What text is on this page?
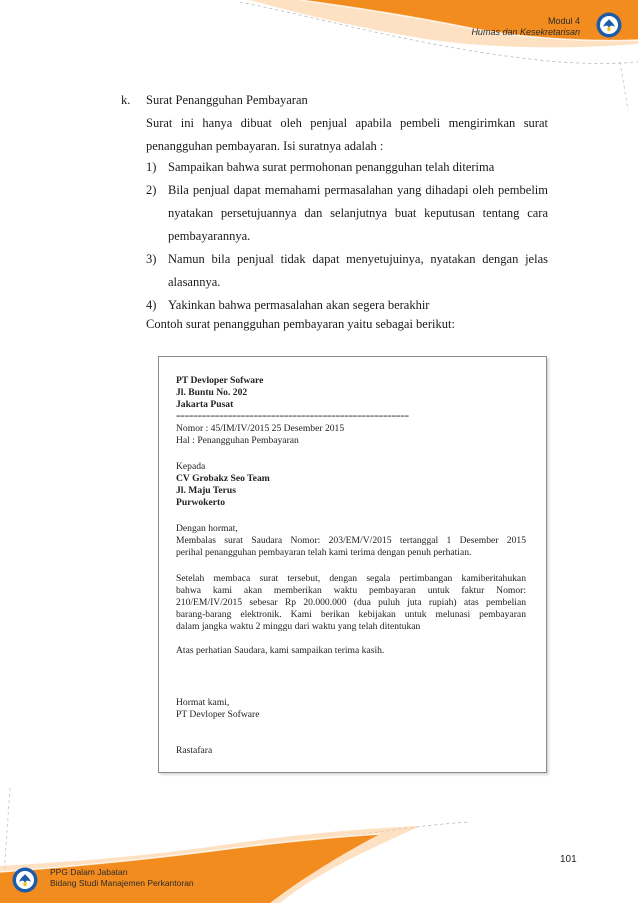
Modul 4
Humas dan Kesekretarisan
k. Surat Penangguhan Pembayaran
Surat ini hanya dibuat oleh penjual apabila pembeli mengirimkan surat
penangguhan pembayaran. Isi suratnya adalah :
1) Sampaikan bahwa surat permohonan penangguhan telah diterima
2) Bila penjual dapat memahami permasalahan yang dihadapi oleh pembelim
nyatakan persetujuannya dan selanjutnya buat keputusan tentang cara
pembayarannya.
3) Namun bila penjual tidak dapat menyetujuinya, nyatakan dengan jelas
alasannya.
4) Yakinkan bahwa permasalahan akan segera berakhir
Contoh surat penangguhan pembayaran yaitu sebagai berikut:
PT Devloper Sofware
Jl. Buntu No. 202
Jakarta Pusat
======================================================
Nomor : 45/IM/IV/2015 25 Desember 2015
Hal : Penangguhan Pembayaran
Kepada
CV Grobakz Seo Team
Jl. Maju Terus
Purwokerto
Dengan hormat,
Membalas surat Saudara Nomor: 203/EM/V/2015 tertanggal 1 Desember 2015
perihal penangguhan pembayaran telah kami terima dengan penuh perhatian.
Setelah membaca surat tersebut, dengan segala pertimbangan kamiberitahukan
bahwa kami akan memberikan waktu pembayaran untuk faktur Nomor:
210/EM/IV/2015 sebesar Rp 20.000.000 (dua puluh juta rupiah) atas pembelian
barang-barang elektronik. Kami berikan kebijakan untuk melunasi pembayaran
dalam jangka waktu 2 minggu dari waktu yang telah ditentukan
Atas perhatian Saudara, kami sampaikan terima kasih.
Hormat kami,
PT Devloper Sofware
Rastafara
PPG Dalam Jabatan
Bidang Studi Manajemen Perkantoran
101
